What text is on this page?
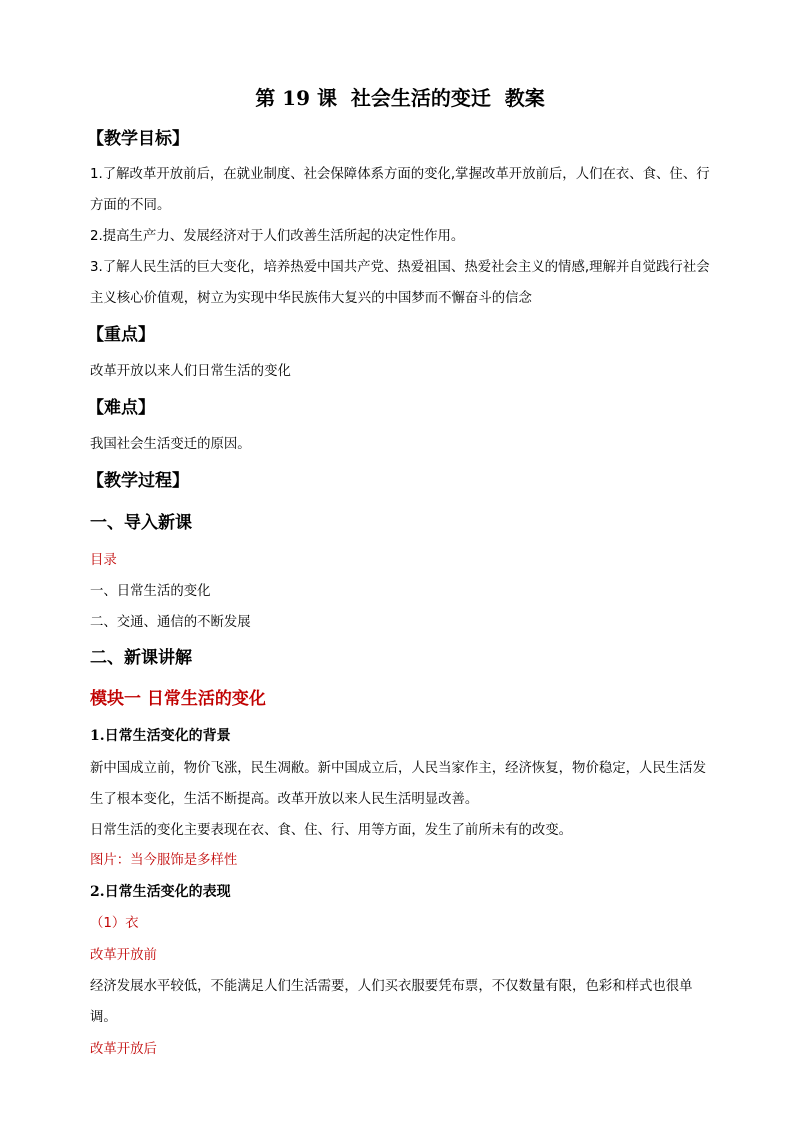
第 19 课  社会生活的变迁  教案
【教学目标】

1.了解改革开放前后，在就业制度、社会保障体系方面的变化,掌握改革开放前后，人们在衣、食、住、行方面的不同。

2.提高生产力、发展经济对于人们改善生活所起的决定性作用。

3.了解人民生活的巨大变化，培养热爱中国共产党、热爱祖国、热爱社会主义的情感,理解并自觉践行社会主义核心价值观，树立为实现中华民族伟大复兴的中国梦而不懈奋斗的信念

【重点】

改革开放以来人们日常生活的变化

【难点】

我国社会生活变迁的原因。

【教学过程】
一、导入新课

目录

一、日常生活的变化

二、交通、通信的不断发展

二、新课讲解
模块一 日常生活的变化
1.日常生活变化的背景

新中国成立前，物价飞涨，民生凋敝。新中国成立后，人民当家作主，经济恢复，物价稳定，人民生活发生了根本变化，生活不断提高。改革开放以来人民生活明显改善。

日常生活的变化主要表现在衣、食、住、行、用等方面，发生了前所未有的改变。

图片：当今服饰是多样性

2.日常生活变化的表现

（1）衣

改革开放前

经济发展水平较低，不能满足人们生活需要，人们买衣服要凭布票，不仅数量有限，色彩和样式也很单调。

改革开放后
